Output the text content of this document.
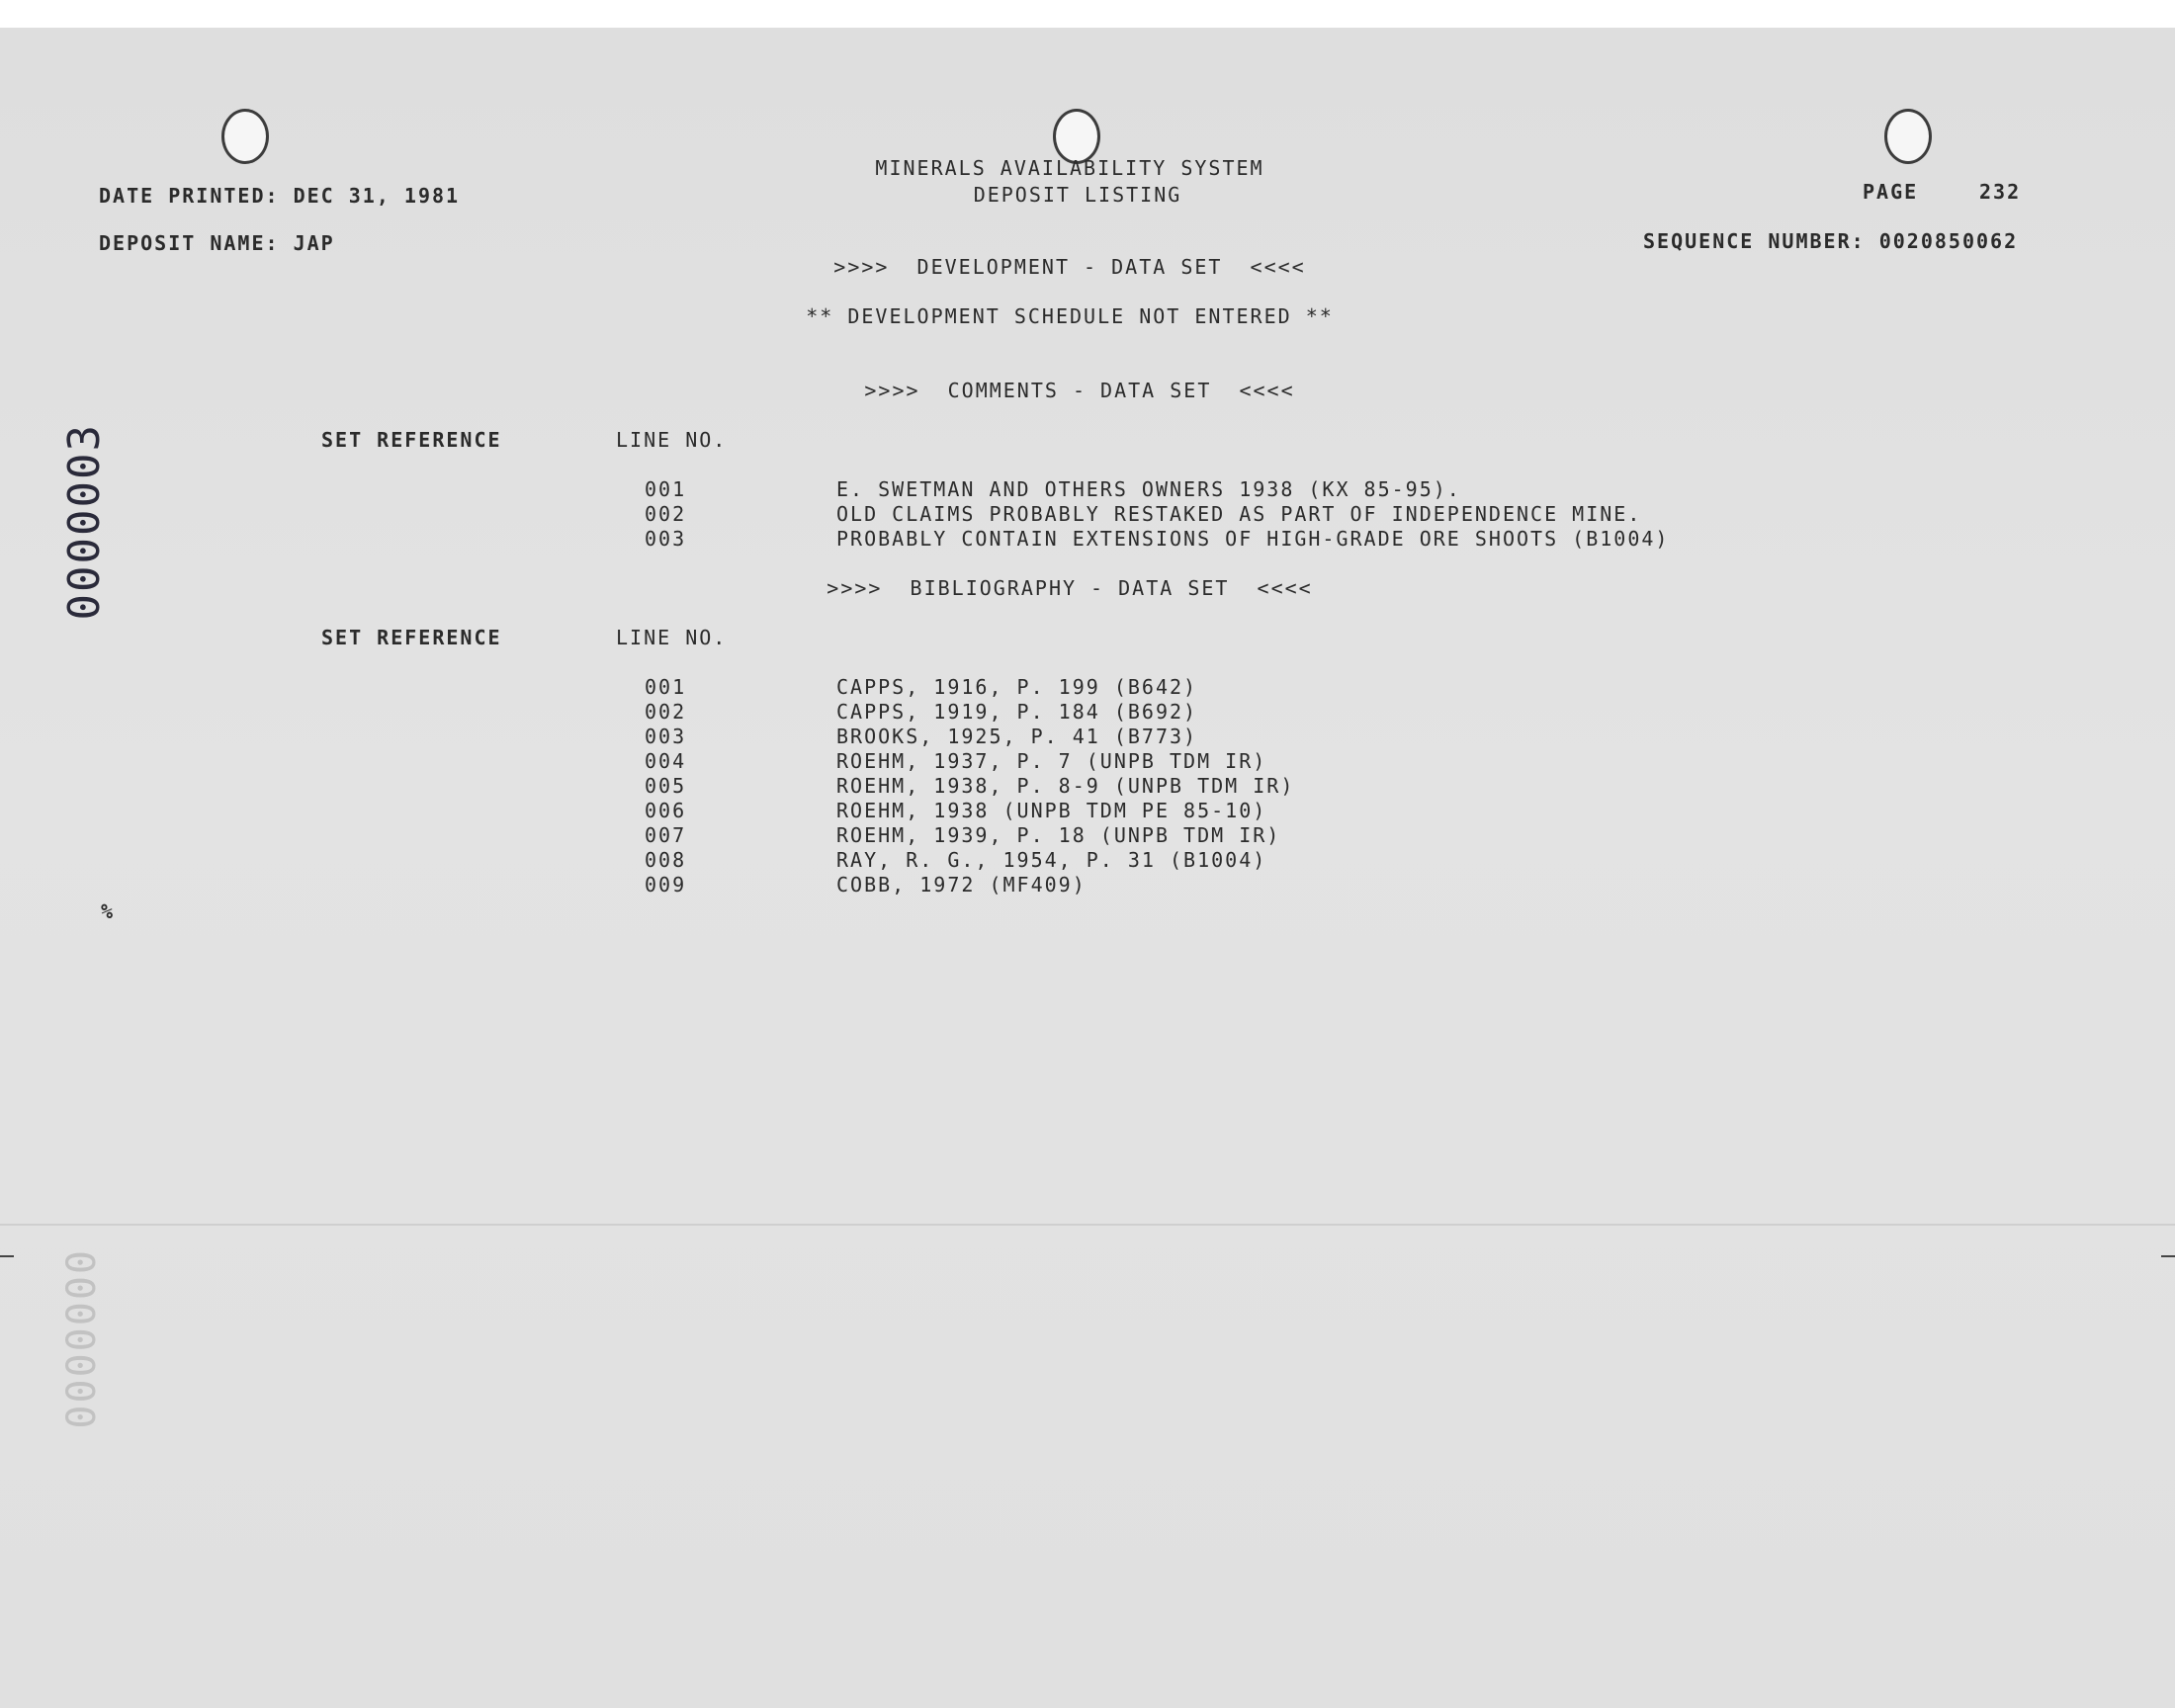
0000003
0000000
MINERALS AVAILABILITY SYSTEM
DEPOSIT LISTING
DATE PRINTED: DEC 31, 1981	PAGE	232
DEPOSIT NAME: JAP	SEQUENCE NUMBER: 0020850062
>>>>  DEVELOPMENT - DATA SET  <<<<
** DEVELOPMENT SCHEDULE NOT ENTERED **
>>>>  COMMENTS - DATA SET  <<<<
SET REFERENCE	LINE NO.
001	E. SWETMAN AND OTHERS OWNERS 1938 (KX 85-95).
002	OLD CLAIMS PROBABLY RESTAKED AS PART OF INDEPENDENCE MINE.
003	PROBABLY CONTAIN EXTENSIONS OF HIGH-GRADE ORE SHOOTS (B1004)
>>>>  BIBLIOGRAPHY - DATA SET  <<<<
SET REFERENCE	LINE NO.
001	CAPPS, 1916, P. 199 (B642)
002	CAPPS, 1919, P. 184 (B692)
003	BROOKS, 1925, P. 41 (B773)
004	ROEHM, 1937, P. 7 (UNPB TDM IR)
005	ROEHM, 1938, P. 8-9 (UNPB TDM IR)
006	ROEHM, 1938 (UNPB TDM PE 85-10)
007	ROEHM, 1939, P. 18 (UNPB TDM IR)
008	RAY, R. G., 1954, P. 31 (B1004)
009	COBB, 1972 (MF409)
%
